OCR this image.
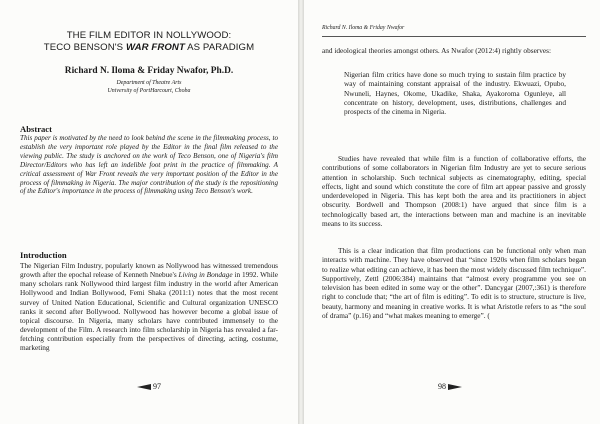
THE FILM EDITOR IN NOLLYWOOD:
TECO BENSON'S WAR FRONT AS PARADIGM
Richard N. Iloma & Friday Nwafor, Ph.D.
Department of Theatre Arts
University of PortHarcourt, Choba
Abstract
This paper is motivated by the need to look behind the scene in the filmmaking process, to establish the very important role played by the Editor in the final film released to the viewing public. The study is anchored on the work of Teco Benson, one of Nigeria's film Director/Editors who has left an indelible foot print in the practice of filmmaking. A critical assessment of War Front reveals the very important position of the Editor in the process of filmmaking in Nigeria. The major contribution of the study is the repositioning of the Editor's importance in the process of filmmaking using Teco Benson's work.
Introduction
The Nigerian Film Industry, popularly known as Nollywood has witnessed tremendous growth after the epochal release of Kenneth Nnebue's Living in Bondage in 1992. While many scholars rank Nollywood third largest film industry in the world after American Hollywood and Indian Bollywood, Femi Shaka (2011:1) notes that the most recent survey of United Nation Educational, Scientific and Cultural organization UNESCO ranks it second after Bollywood. Nollywood has however become a global issue of topical discourse. In Nigeria, many scholars have contributed immensely to the development of the Film. A research into film scholarship in Nigeria has revealed a far-fetching contribution especially from the perspectives of directing, acting, costume, marketing
97
Richard N. Iloma & Friday Nwafor
and ideological theories amongst others. As Nwafor (2012:4) rightly observes:
Nigerian film critics have done so much trying to sustain film practice by way of maintaining constant appraisal of the industry. Ekwuazi, Opubo, Nwuneli, Haynes, Okome, Ukadike, Shaka, Ayakoroma Ogunleye, all concentrate on history, development, uses, distributions, challenges and prospects of the cinema in Nigeria.
Studies have revealed that while film is a function of collaborative efforts, the contributions of some collaborators in Nigerian film Industry are yet to secure serious attention in scholarship. Such technical subjects as cinematography, editing, special effects, light and sound which constitute the core of film art appear passive and grossly underdeveloped in Nigeria. This has kept both the area and its practitioners in abject obscurity. Bordwell and Thompson (2008:1) have argued that since film is a technologically based art, the interactions between man and machine is an inevitable means to its success.
This is a clear indication that film productions can be functional only when man interacts with machine. They have observed that “since 1920s when film scholars began to realize what editing can achieve, it has been the most widely discussed film technique”. Supportively, Zettl (2006:384) maintains that “almost every programme you see on television has been edited in some way or the other”. Dancygar (2007,:361) is therefore right to conclude that; “the art of film is editing”. To edit is to structure, structure is live, beauty, harmony and meaning in creative works. It is what Aristotle refers to as “the soul of drama” (p.16) and “what makes meaning to emerge”. (
98
